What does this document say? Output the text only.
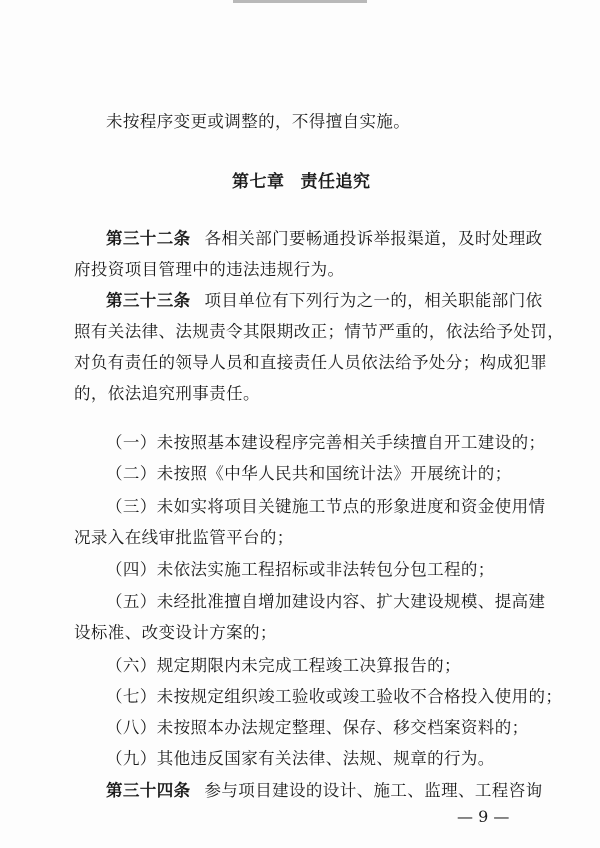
未按程序变更或调整的，不得擅自实施。
第七章 责任追究
第三十二条 各相关部门要畅通投诉举报渠道，及时处理政
府投资项目管理中的违法违规行为。
第三十三条 项目单位有下列行为之一的，相关职能部门依
照有关法律、法规责令其限期改正；情节严重的，依法给予处罚，
对负有责任的领导人员和直接责任人员依法给予处分；构成犯罪
的，依法追究刑事责任。
（一）未按照基本建设程序完善相关手续擅自开工建设的；
（二）未按照《中华人民共和国统计法》开展统计的；
（三）未如实将项目关键施工节点的形象进度和资金使用情
况录入在线审批监管平台的；
（四）未依法实施工程招标或非法转包分包工程的；
（五）未经批准擅自增加建设内容、扩大建设规模、提高建
设标准、改变设计方案的；
（六）规定期限内未完成工程竣工决算报告的；
（七）未按规定组织竣工验收或竣工验收不合格投入使用的；
（八）未按照本办法规定整理、保存、移交档案资料的；
（九）其他违反国家有关法律、法规、规章的行为。
第三十四条 参与项目建设的设计、施工、监理、工程咨询
— 9 —
